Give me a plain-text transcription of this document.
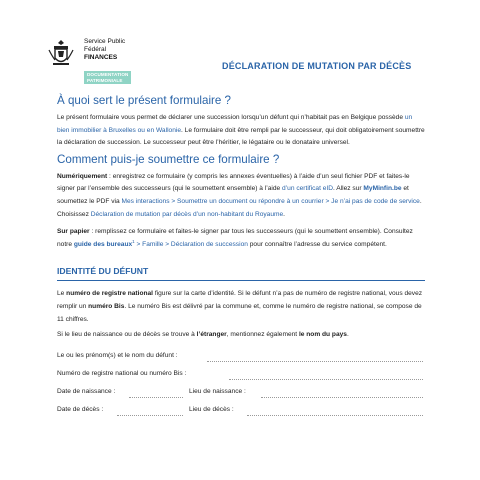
Service Public
Fédéral
FINANCES
DOCUMENTATION
PATRIMONIALE
DÉCLARATION DE MUTATION PAR DÉCÈS
À quoi sert le présent formulaire ?

Le présent formulaire vous permet de déclarer une succession lorsqu’un défunt qui n’habitait pas en Belgique possède un bien immobilier à Bruxelles ou en Wallonie. Le formulaire doit être rempli par le successeur, qui doit obligatoirement soumettre la déclaration de succession. Le successeur peut être l’héritier, le légataire ou le donataire universel.

Comment puis-je soumettre ce formulaire ?

Numériquement : enregistrez ce formulaire (y compris les annexes éventuelles) à l’aide d’un seul fichier PDF et faites-le signer par l’ensemble des successeurs (qui le soumettent ensemble) à l’aide d’un certificat eID. Allez sur MyMinfin.be et soumettez le PDF via Mes interactions > Soumettre un document ou répondre à un courrier > Je n’ai pas de code de service. Choisissez Déclaration de mutation par décès d’un non-habitant du Royaume.

Sur papier : remplissez ce formulaire et faites-le signer par tous les successeurs (qui le soumettent ensemble). Consultez notre guide des bureaux$^1$ > Famille > Déclaration de succession pour connaître l’adresse du service compétent.

IDENTITÉ DU DÉFUNT

Le numéro de registre national figure sur la carte d’identité. Si le défunt n’a pas de numéro de registre national, vous devez remplir un numéro Bis. Le numéro Bis est délivré par la commune et, comme le numéro de registre national, se compose de 11 chiffres.

Si le lieu de naissance ou de décès se trouve à l’étranger, mentionnez également le nom du pays.

Le ou les prénom(s) et le nom du défunt :
Numéro de registre national ou numéro Bis :
Date de naissance :	Lieu de naissance :
Date de décès :	Lieu de décès :
